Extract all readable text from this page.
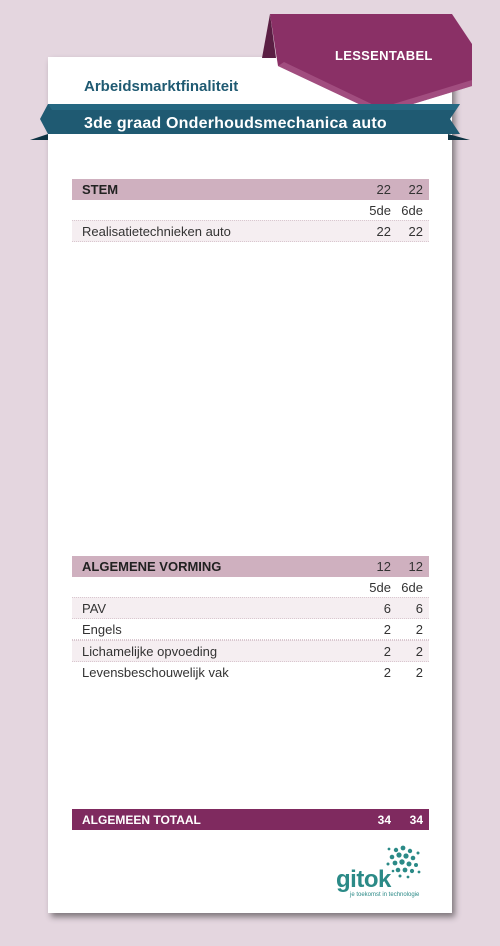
LESSENTABEL
Arbeidsmarktfinaliteit
3de graad Onderhoudsmechanica auto
STEM	22	22
5de 6de
Realisatietechnieken auto	22	22
ALGEMENE VORMING	12	12
5de 6de
PAV	6	6
Engels	2	2
Lichamelijke opvoeding	2	2
Levensbeschouwelijk vak	2	2
ALGEMEEN TOTAAL	34	34
gitok
je toekomst in technologie
